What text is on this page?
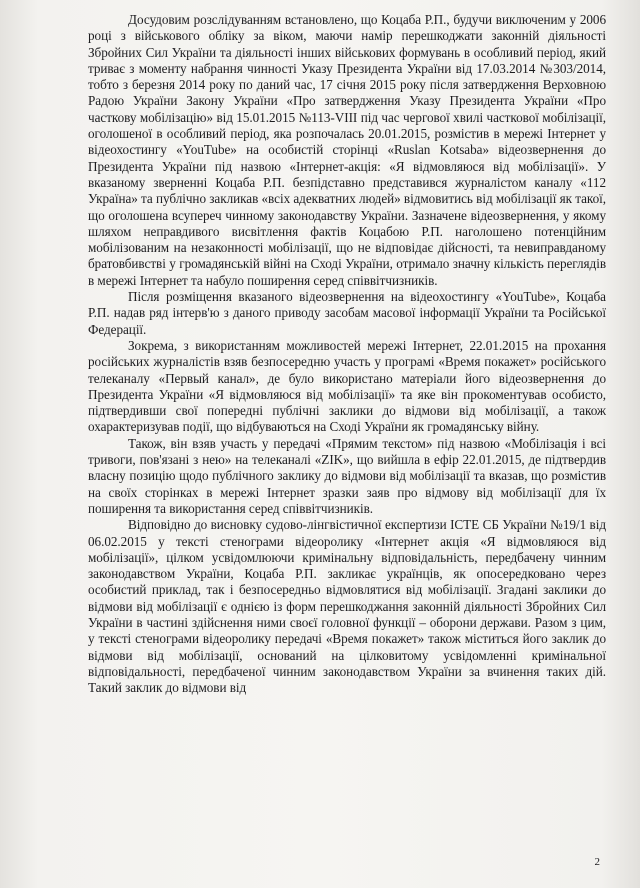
Досудовим розслідуванням встановлено, що Коцаба Р.П., будучи виключеним у 2006 році з військового обліку за віком, маючи намір перешкоджати законній діяльності Збройних Сил України та діяльності інших військових формувань в особливий період, який триває з моменту набрання чинності Указу Президента України від 17.03.2014 №303/2014, тобто з березня 2014 року по даний час, 17 січня 2015 року після затвердження Верховною Радою України Закону України «Про затвердження Указу Президента України «Про часткову мобілізацію» від 15.01.2015 №113-VIII під час чергової хвилі часткової мобілізації, оголошеної в особливий період, яка розпочалась 20.01.2015, розмістив в мережі Інтернет у відеохостингу «YouTube» на особистій сторінці «Ruslan Kotsaba» відеозвернення до Президента України під назвою «Інтернет-акція: «Я відмовляюся від мобілізації». У вказаному зверненні Коцаба Р.П. безпідставно представився журналістом каналу «112 Україна» та публічно закликав «всіх адекватних людей» відмовитись від мобілізації як такої, що оголошена всупереч чинному законодавству України. Зазначене відеозвернення, у якому шляхом неправдивого висвітлення фактів Коцабою Р.П. наголошено потенційним мобілізованим на незаконності мобілізації, що не відповідає дійсності, та невиправданому братовбивстві у громадянській війні на Сході України, отримало значну кількість переглядів в мережі Інтернет та набуло поширення серед співвітчизників.

Після розміщення вказаного відеозвернення на відеохостингу «YouTube», Коцаба Р.П. надав ряд інтерв'ю з даного приводу засобам масової інформації України та Російської Федерації.

Зокрема, з використанням можливостей мережі Інтернет, 22.01.2015 на прохання російських журналістів взяв безпосередню участь у програмі «Время покажет» російського телеканалу «Первый канал», де було використано матеріали його відеозвернення до Президента України «Я відмовляюся від мобілізації» та яке він прокоментував особисто, підтвердивши свої попередні публічні заклики до відмови від мобілізації, а також охарактеризував події, що відбуваються на Сході України як громадянську війну.

Також, він взяв участь у передачі «Прямим текстом» під назвою «Мобілізація і всі тривоги, пов'язані з нею» на телеканалі «ZIK», що вийшла в ефір 22.01.2015, де підтвердив власну позицію щодо публічного заклику до відмови від мобілізації та вказав, що розмістив на своїх сторінках в мережі Інтернет зразки заяв про відмову від мобілізації для їх поширення та використання серед співвітчизників.

Відповідно до висновку судово-лінгвістичної експертизи ІСТЕ СБ України №19/1 від 06.02.2015 у тексті стенограми відеоролику «Інтернет акція «Я відмовляюся від мобілізації», цілком усвідомлюючи кримінальну відповідальність, передбачену чинним законодавством України, Коцаба Р.П. закликає українців, як опосередковано через особистий приклад, так і безпосередньо відмовлятися від мобілізації. Згадані заклики до відмови від мобілізації є однією із форм перешкоджання законній діяльності Збройних Сил України в частині здійснення ними своєї головної функції – оборони держави. Разом з цим, у тексті стенограми відеоролику передачі «Время покажет» також міститься його заклик до відмови від мобілізації, оснований на цілковитому усвідомленні кримінальної відповідальності, передбаченої чинним законодавством України за вчинення таких дій. Такий заклик до відмови від

2
